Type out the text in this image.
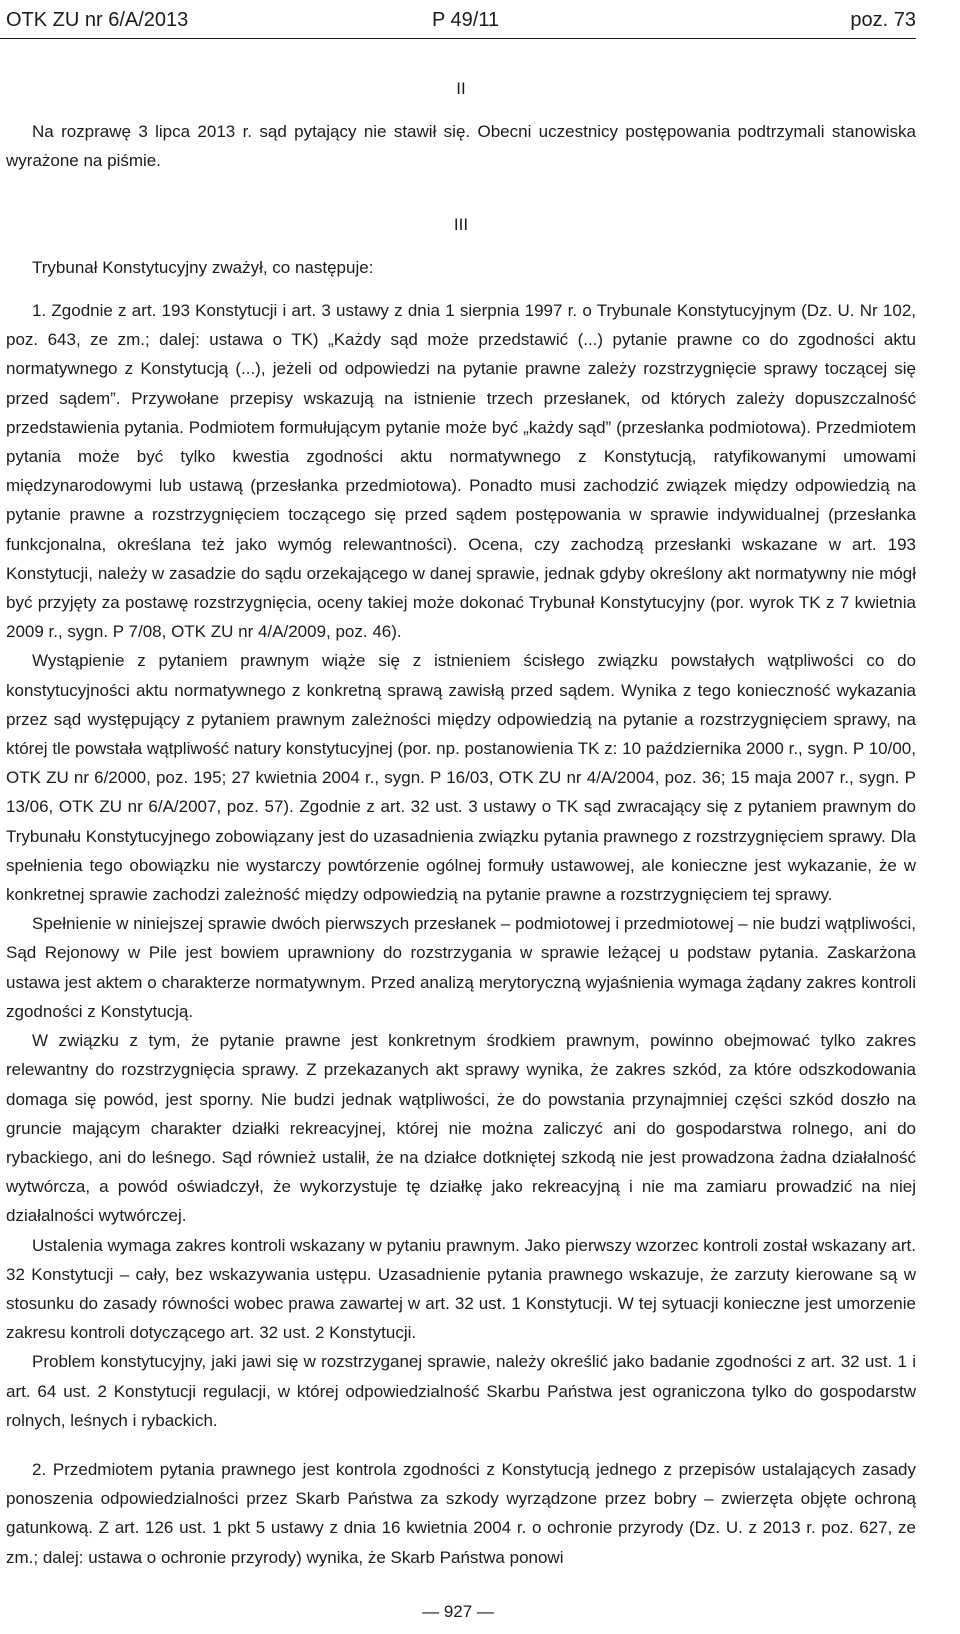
OTK ZU nr 6/A/2013	P 49/11	poz. 73

II

Na rozprawę 3 lipca 2013 r. sąd pytający nie stawił się. Obecni uczestnicy postępowania podtrzymali stanowiska wyrażone na piśmie.

III

Trybunał Konstytucyjny zważył, co następuje:

1. Zgodnie z art. 193 Konstytucji i art. 3 ustawy z dnia 1 sierpnia 1997 r. o Trybunale Konstytucyjnym (Dz. U. Nr 102, poz. 643, ze zm.; dalej: ustawa o TK) „Każdy sąd może przedstawić (...) pytanie prawne co do zgodności aktu normatywnego z Konstytucją (...), jeżeli od odpowiedzi na pytanie prawne zależy rozstrzygnięcie sprawy toczącej się przed sądem”. Przywołane przepisy wskazują na istnienie trzech przesłanek, od których zależy dopuszczalność przedstawienia pytania. Podmiotem formułującym pytanie może być „każdy sąd” (przesłanka podmiotowa). Przedmiotem pytania może być tylko kwestia zgodności aktu normatywnego z Konstytucją, ratyfikowanymi umowami międzynarodowymi lub ustawą (przesłanka przedmiotowa). Ponadto musi zachodzić związek między odpowiedzią na pytanie prawne a rozstrzygnięciem toczącego się przed sądem postępowania w sprawie indywidualnej (przesłanka funkcjonalna, określana też jako wymóg relewantności). Ocena, czy zachodzą przesłanki wskazane w art. 193 Konstytucji, należy w zasadzie do sądu orzekającego w danej sprawie, jednak gdyby określony akt normatywny nie mógł być przyjęty za postawę rozstrzygnięcia, oceny takiej może dokonać Trybunał Konstytucyjny (por. wyrok TK z 7 kwietnia 2009 r., sygn. P 7/08, OTK ZU nr 4/A/2009, poz. 46).

Wystąpienie z pytaniem prawnym wiąże się z istnieniem ścisłego związku powstałych wątpliwości co do konstytucyjności aktu normatywnego z konkretną sprawą zawisłą przed sądem. Wynika z tego konieczność wykazania przez sąd występujący z pytaniem prawnym zależności między odpowiedzią na pytanie a rozstrzygnięciem sprawy, na której tle powstała wątpliwość natury konstytucyjnej (por. np. postanowienia TK z: 10 października 2000 r., sygn. P 10/00, OTK ZU nr 6/2000, poz. 195; 27 kwietnia 2004 r., sygn. P 16/03, OTK ZU nr 4/A/2004, poz. 36; 15 maja 2007 r., sygn. P 13/06, OTK ZU nr 6/A/2007, poz. 57). Zgodnie z art. 32 ust. 3 ustawy o TK sąd zwracający się z pytaniem prawnym do Trybunału Konstytucyjnego zobowiązany jest do uzasadnienia związku pytania prawnego z rozstrzygnięciem sprawy. Dla spełnienia tego obowiązku nie wystarczy powtórzenie ogólnej formuły ustawowej, ale konieczne jest wykazanie, że w konkretnej sprawie zachodzi zależność między odpowiedzią na pytanie prawne a rozstrzygnięciem tej sprawy.

Spełnienie w niniejszej sprawie dwóch pierwszych przesłanek – podmiotowej i przedmiotowej – nie budzi wątpliwości, Sąd Rejonowy w Pile jest bowiem uprawniony do rozstrzygania w sprawie leżącej u podstaw pytania. Zaskarżona ustawa jest aktem o charakterze normatywnym. Przed analizą merytoryczną wyjaśnienia wymaga żądany zakres kontroli zgodności z Konstytucją.

W związku z tym, że pytanie prawne jest konkretnym środkiem prawnym, powinno obejmować tylko zakres relewantny do rozstrzygnięcia sprawy. Z przekazanych akt sprawy wynika, że zakres szkód, za które odszkodowania domaga się powód, jest sporny. Nie budzi jednak wątpliwości, że do powstania przynajmniej części szkód doszło na gruncie mającym charakter działki rekreacyjnej, której nie można zaliczyć ani do gospodarstwa rolnego, ani do rybackiego, ani do leśnego. Sąd również ustalił, że na działce dotkniętej szkodą nie jest prowadzona żadna działalność wytwórcza, a powód oświadczył, że wykorzystuje tę działkę jako rekreacyjną i nie ma zamiaru prowadzić na niej działalności wytwórczej.

Ustalenia wymaga zakres kontroli wskazany w pytaniu prawnym. Jako pierwszy wzorzec kontroli został wskazany art. 32 Konstytucji – cały, bez wskazywania ustępu. Uzasadnienie pytania prawnego wskazuje, że zarzuty kierowane są w stosunku do zasady równości wobec prawa zawartej w art. 32 ust. 1 Konstytucji. W tej sytuacji konieczne jest umorzenie zakresu kontroli dotyczącego art. 32 ust. 2 Konstytucji.

Problem konstytucyjny, jaki jawi się w rozstrzyganej sprawie, należy określić jako badanie zgodności z art. 32 ust. 1 i art. 64 ust. 2 Konstytucji regulacji, w której odpowiedzialność Skarbu Państwa jest ograniczona tylko do gospodarstw rolnych, leśnych i rybackich.

2. Przedmiotem pytania prawnego jest kontrola zgodności z Konstytucją jednego z przepisów ustalających zasady ponoszenia odpowiedzialności przez Skarb Państwa za szkody wyrządzone przez bobry – zwierzęta objęte ochroną gatunkową. Z art. 126 ust. 1 pkt 5 ustawy z dnia 16 kwietnia 2004 r. o ochronie przyrody (Dz. U. z 2013 r. poz. 627, ze zm.; dalej: ustawa o ochronie przyrody) wynika, że Skarb Państwa ponowi

— 927 —
